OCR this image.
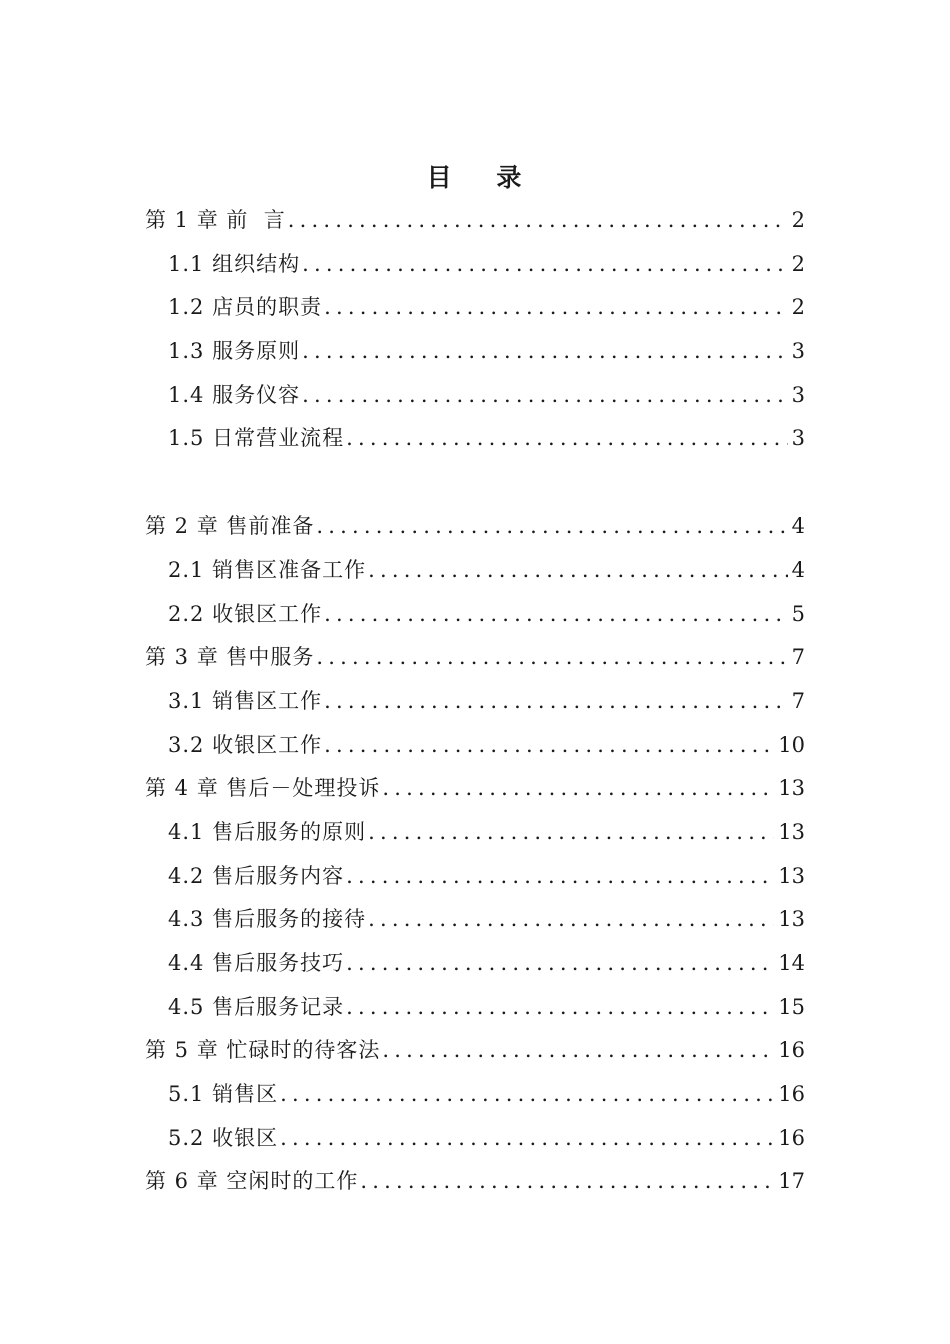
目    录
第 1 章 前  言 .....	2
1.1 组织结构 .....	2
1.2 店员的职责 .....	2
1.3 服务原则 .....	3
1.4 服务仪容 .....	3
1.5 日常营业流程 .....	3
第 2 章 售前准备 .....	4
2.1 销售区准备工作 .....	4
2.2 收银区工作 .....	5
第 3 章 售中服务 .....	7
3.1 销售区工作 .....	7
3.2 收银区工作 .....	10
第 4 章 售后－处理投诉 .....	13
4.1 售后服务的原则 .....	13
4.2 售后服务内容 .....	13
4.3 售后服务的接待 .....	13
4.4 售后服务技巧 .....	14
4.5 售后服务记录 .....	15
第 5 章 忙碌时的待客法 .....	16
5.1 销售区 .....	16
5.2 收银区 .....	16
第 6 章 空闲时的工作 .....	17
